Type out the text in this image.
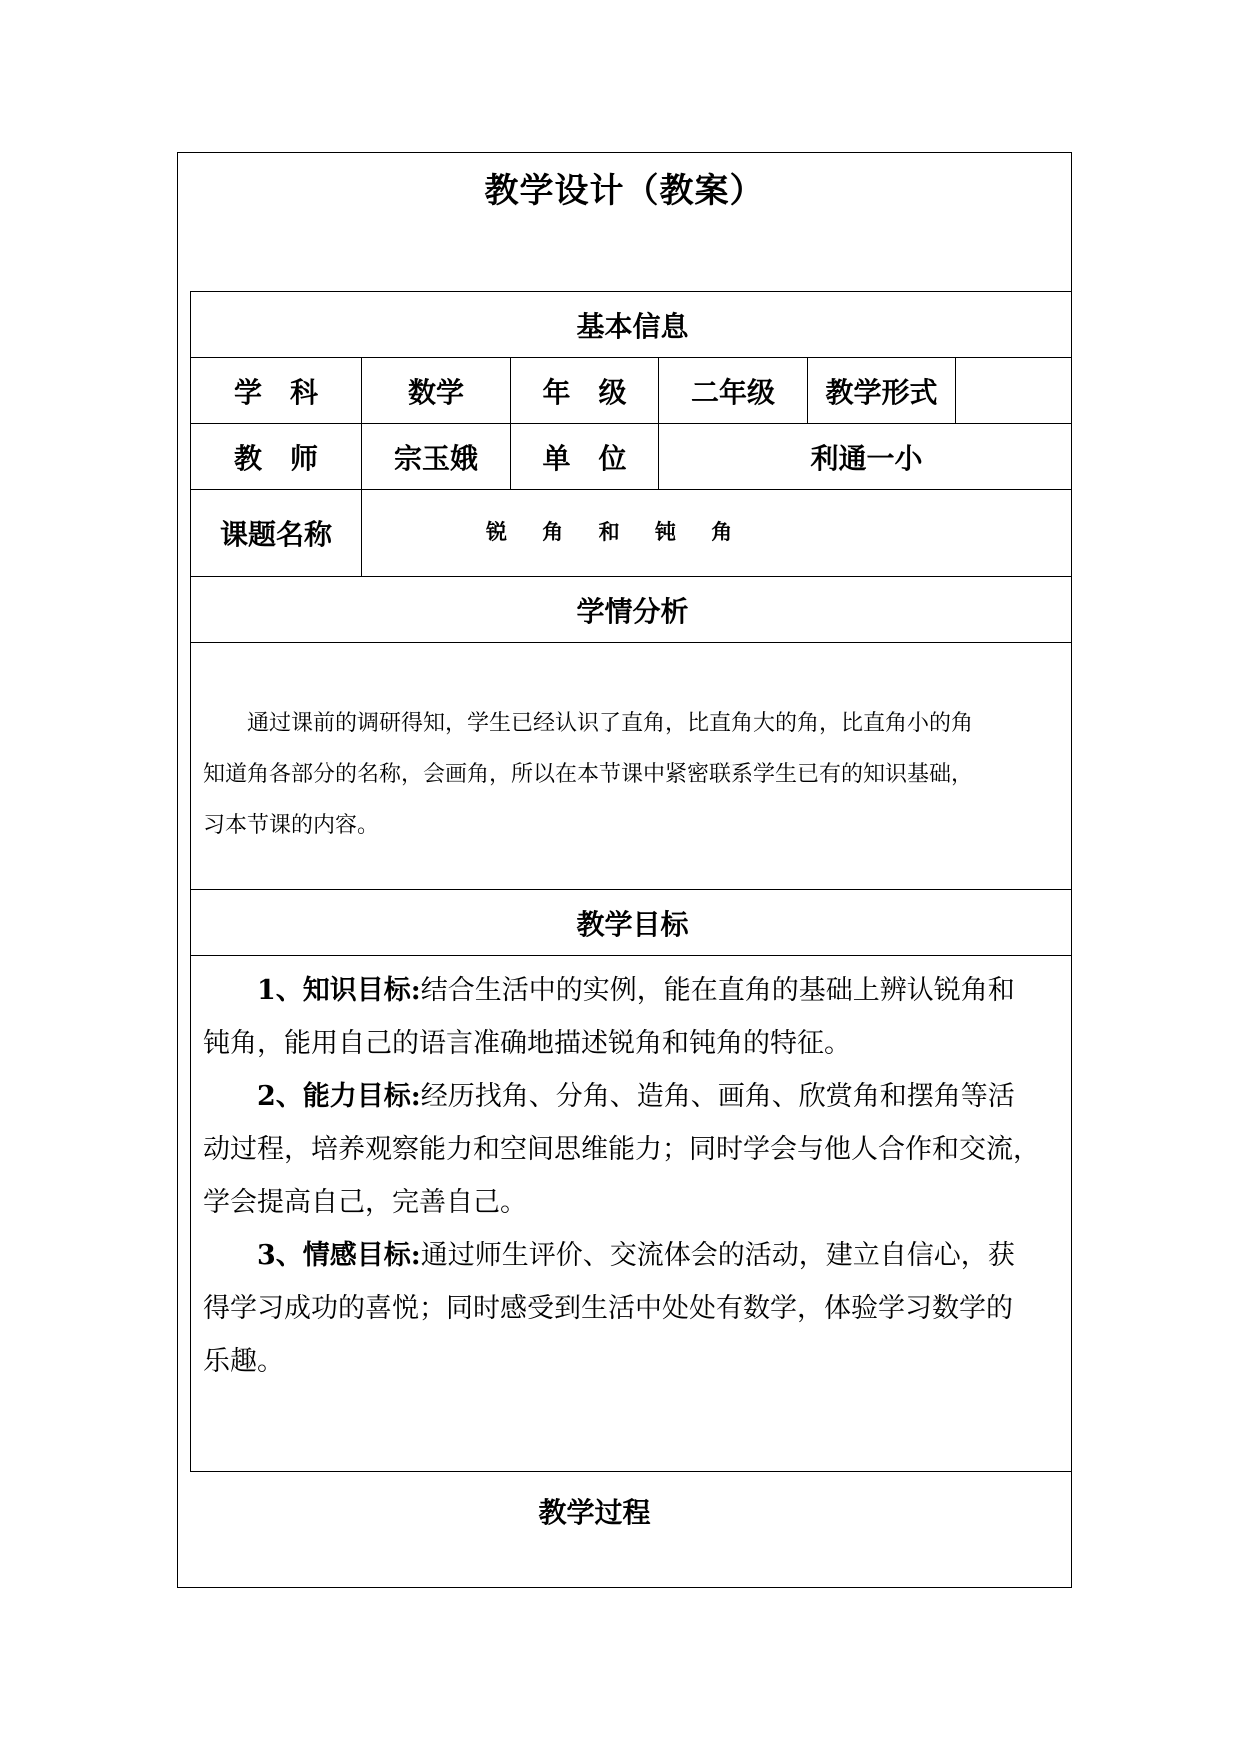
教学设计（教案）
基本信息
学　科	数学	年　级	二年级	教学形式
教　师	宗玉娥	单　位	利通一小
课题名称	锐 角 和 钝 角
学情分析

通过课前的调研得知，学生已经认识了直角，比直角大的角，比直角小的角

知道角各部分的名称，会画角，所以在本节课中紧密联系学生已有的知识基础，

习本节课的内容。

教学目标

1、知识目标:结合生活中的实例，能在直角的基础上辨认锐角和

钝角，能用自己的语言准确地描述锐角和钝角的特征。

2、能力目标:经历找角、分角、造角、画角、欣赏角和摆角等活

动过程，培养观察能力和空间思维能力；同时学会与他人合作和交流，

学会提高自己，完善自己。

3、情感目标:通过师生评价、交流体会的活动，建立自信心，获

得学习成功的喜悦；同时感受到生活中处处有数学，体验学习数学的

乐趣。

教学过程
